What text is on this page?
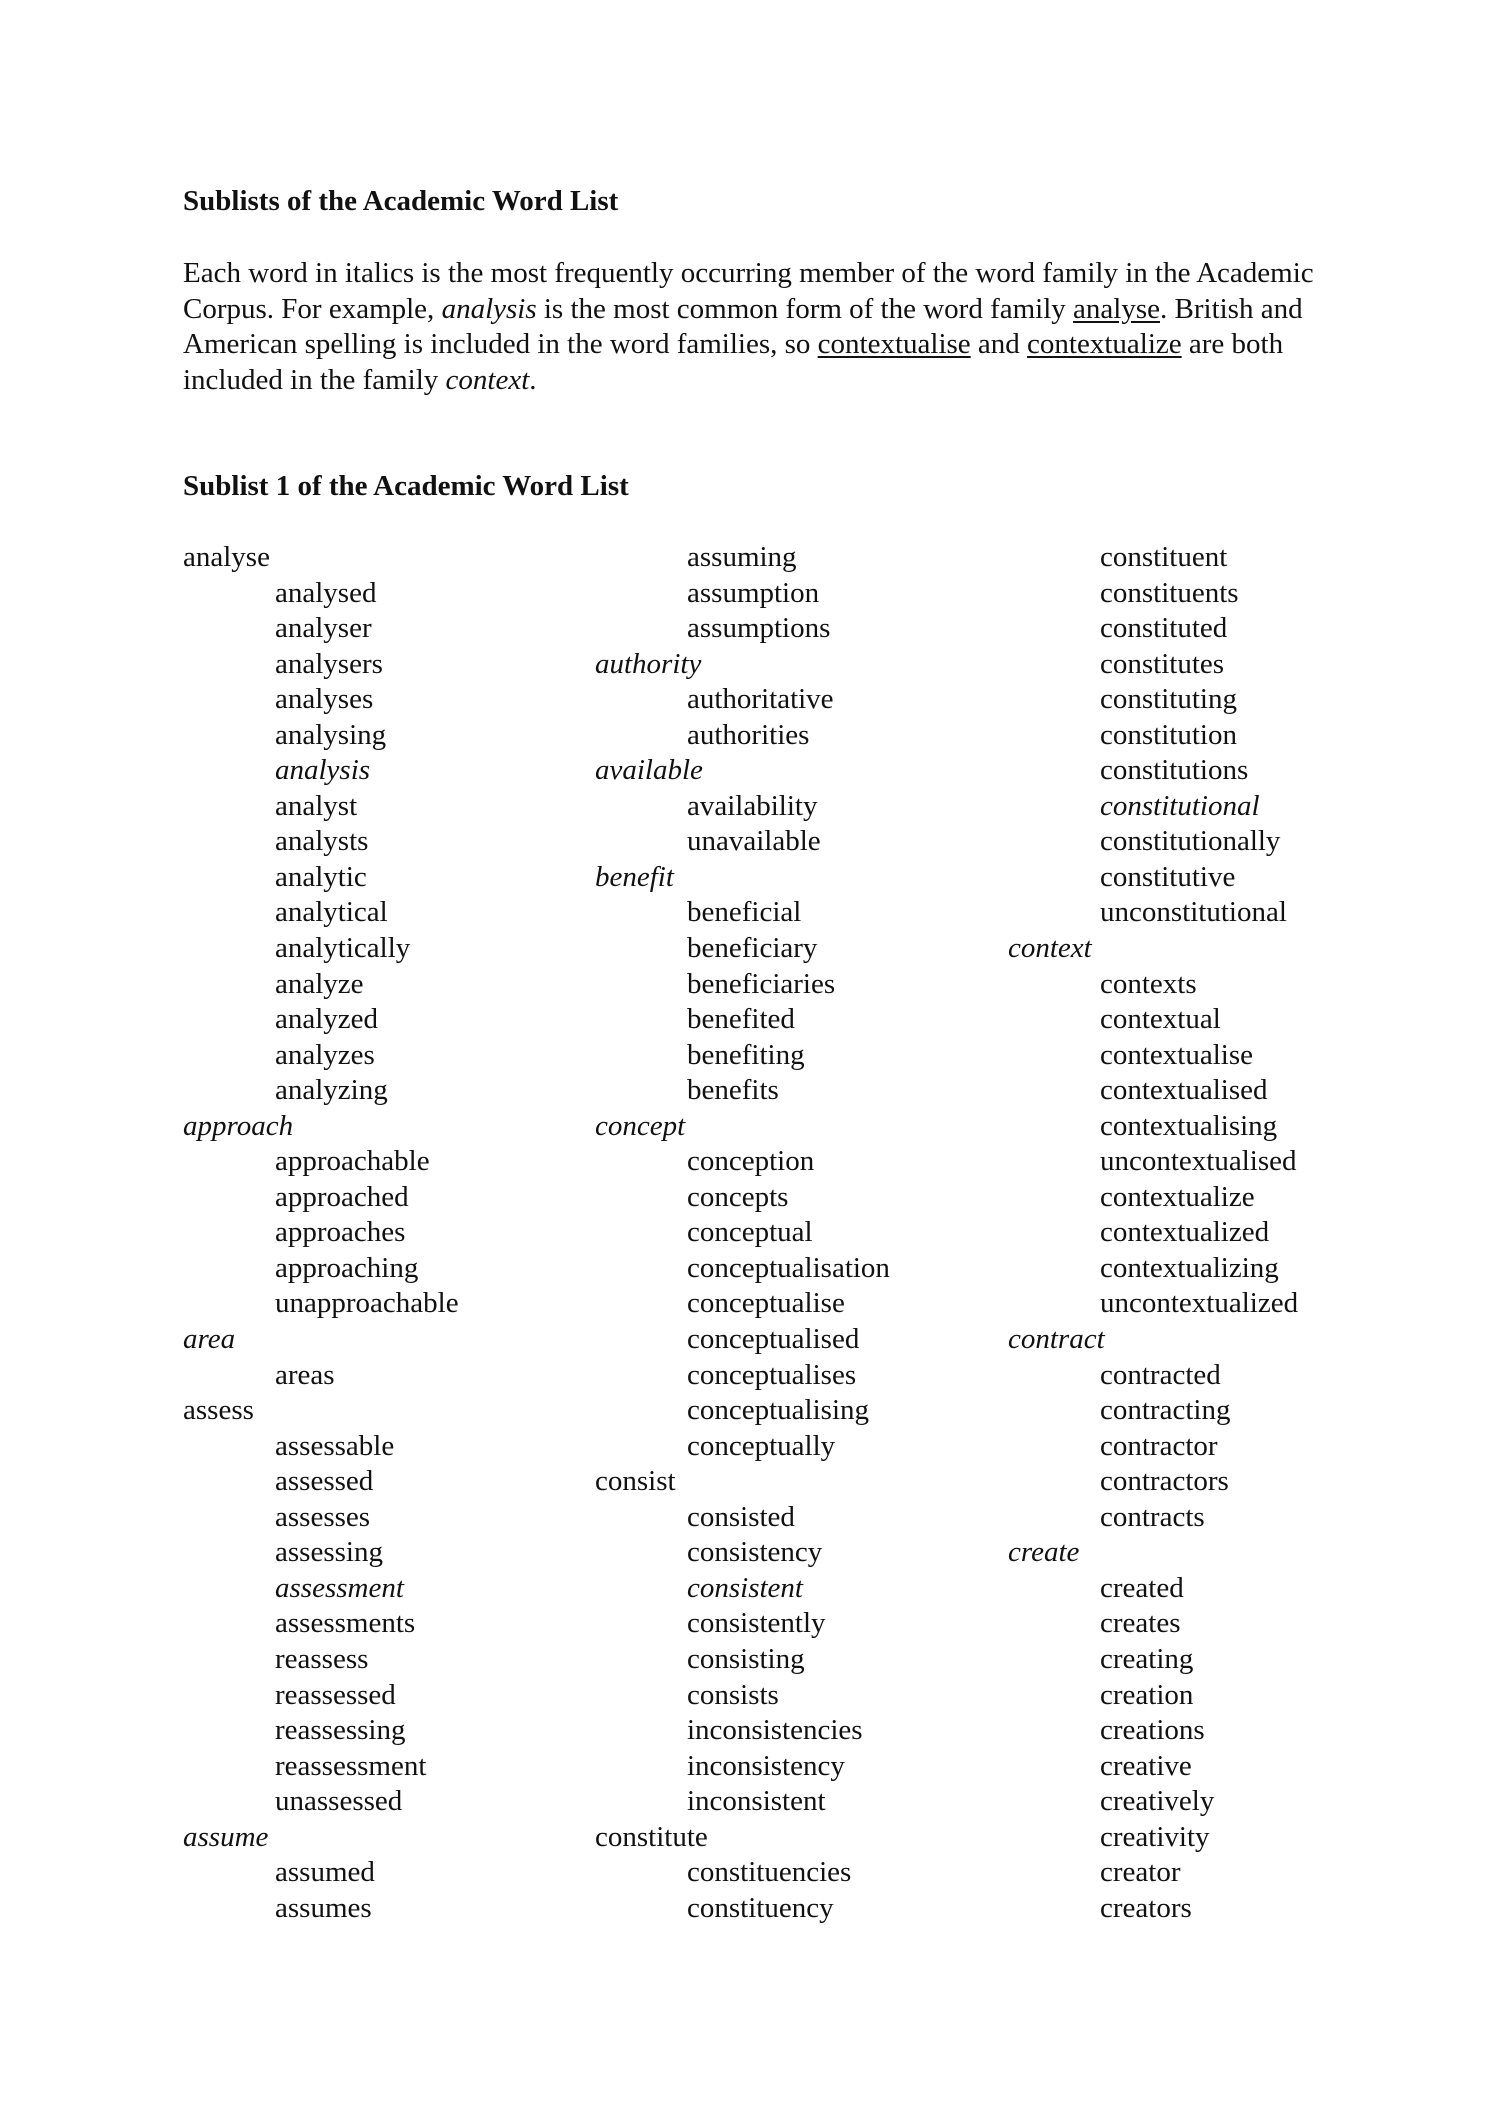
Sublists of the Academic Word List

Each word in italics is the most frequently occurring member of the word family in the Academic Corpus. For example, analysis is the most common form of the word family analyse. British and American spelling is included in the word families, so contextualise and contextualize are both included in the family context.

Sublist 1 of the Academic Word List
analyse
analysed
analyser
analysers
analyses
analysing
analysis
analyst
analysts
analytic
analytical
analytically
analyze
analyzed
analyzes
analyzing
approach
approachable
approached
approaches
approaching
unapproachable
area
areas
assess
assessable
assessed
assesses
assessing
assessment
assessments
reassess
reassessed
reassessing
reassessment
unassessed
assume
assumed
assumes
assuming
assumption
assumptions
authority
authoritative
authorities
available
availability
unavailable
benefit
beneficial
beneficiary
beneficiaries
benefited
benefiting
benefits
concept
conception
concepts
conceptual
conceptualisation
conceptualise
conceptualised
conceptualises
conceptualising
conceptually
consist
consisted
consistency
consistent
consistently
consisting
consists
inconsistencies
inconsistency
inconsistent
constitute
constituencies
constituency
constituent
constituents
constituted
constitutes
constituting
constitution
constitutions
constitutional
constitutionally
constitutive
unconstitutional
context
contexts
contextual
contextualise
contextualised
contextualising
uncontextualised
contextualize
contextualized
contextualizing
uncontextualized
contract
contracted
contracting
contractor
contractors
contracts
create
created
creates
creating
creation
creations
creative
creatively
creativity
creator
creators
